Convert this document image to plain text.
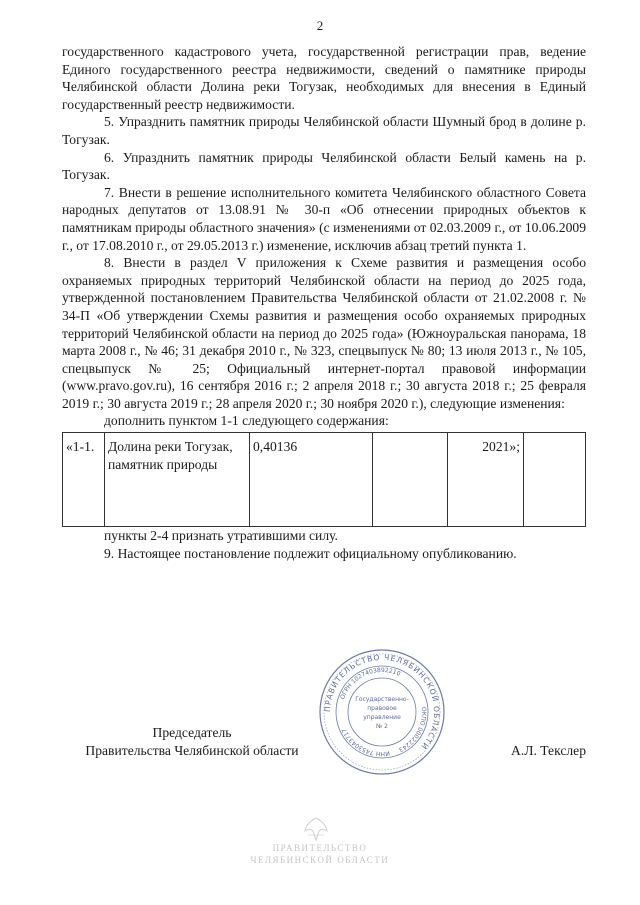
2

государственного кадастрового учета, государственной регистрации прав, ведение Единого государственного реестра недвижимости, сведений о памятнике природы Челябинской области Долина реки Тогузак, необходимых для внесения в Единый государственный реестр недвижимости.

5. Упразднить памятник природы Челябинской области Шумный брод в долине р. Тогузак.

6. Упразднить памятник природы Челябинской области Белый камень на р. Тогузак.

7. Внести в решение исполнительного комитета Челябинского областного Совета народных депутатов от 13.08.91 № 30-п «Об отнесении природных объектов к памятникам природы областного значения» (с изменениями от 02.03.2009 г., от 10.06.2009 г., от 17.08.2010 г., от 29.05.2013 г.) изменение, исключив абзац третий пункта 1.

8. Внести в раздел V приложения к Схеме развития и размещения особо охраняемых природных территорий Челябинской области на период до 2025 года, утвержденной постановлением Правительства Челябинской области от 21.02.2008 г. № 34-П «Об утверждении Схемы развития и размещения особо охраняемых природных территорий Челябинской области на период до 2025 года» (Южноуральская панорама, 18 марта 2008 г., № 46; 31 декабря 2010 г., № 323, спецвыпуск № 80; 13 июля 2013 г., № 105, спецвыпуск № 25; Официальный интернет-портал правовой информации (www.pravo.gov.ru), 16 сентября 2016 г.; 2 апреля 2018 г.; 30 августа 2018 г.; 25 февраля 2019 г.; 30 августа 2019 г.; 28 апреля 2020 г.; 30 ноября 2020 г.), следующие изменения:

дополнить пунктом 1-1 следующего содержания:

«1-1.	Долина реки Тогузак, памятник природы	0,40136		2021»;	

пункты 2-4 признать утратившими силу.

9. Настоящее постановление подлежит официальному опубликованию.

ПРАВИТЕЛЬСТВО ЧЕЛЯБИНСКОЙ ОБЛАСТИ
ОГРН 1027403892210
ОКПО 00022243
ИНН 7453043717
Государственно-
правовое
управление
№ 2
Председатель
Правительства Челябинской области	А.Л. Текслер
ПРАВИТЕЛЬСТВО
ЧЕЛЯБИНСКОЙ ОБЛАСТИ
